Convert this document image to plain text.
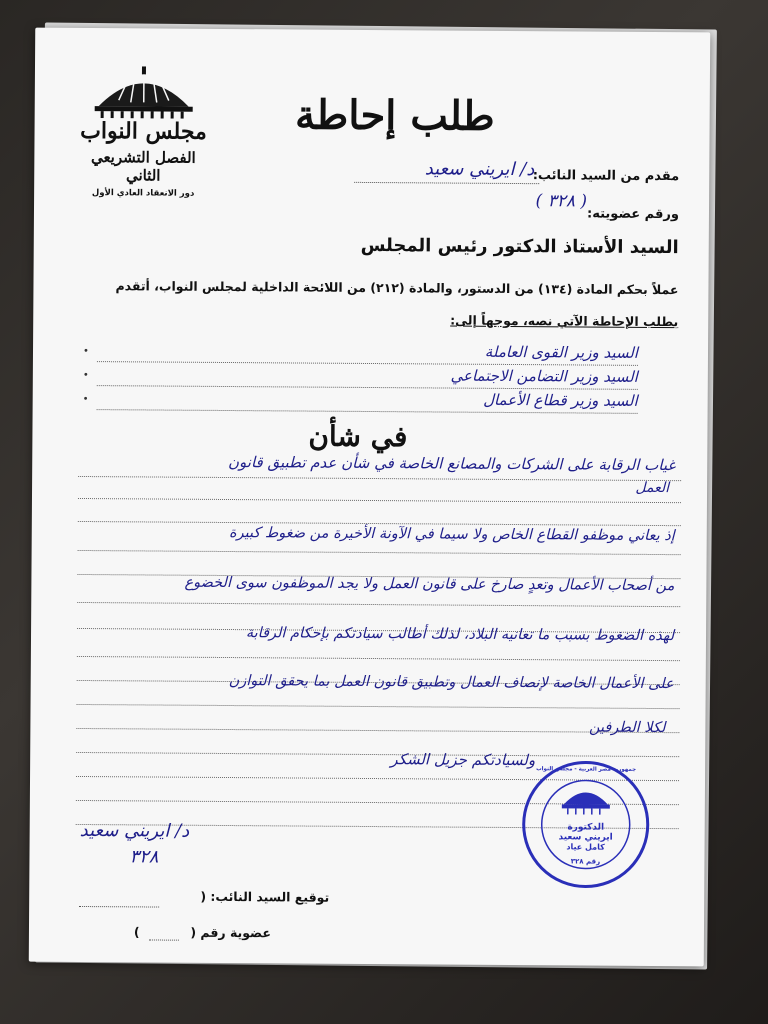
مجلس النواب
الفصل التشريعي الثاني
دور الانعقاد العادي الأول
طلب إحاطة
مقدم من السيد النائب:
د/ ايريني سعيد
ورقم عضويته:
( ٣٢٨ )
السيد الأستاذ الدكتور رئيس المجلس
عملاً بحكم المادة (١٣٤) من الدستور، والمادة (٢١٢) من اللائحة الداخلية لمجلس النواب، أتقدم
بطلب الإحاطة الآتي نصه، موجهاً إلى:
•	السيد وزير القوى العاملة
•	السيد وزير التضامن الاجتماعي
•	السيد وزير قطاع الأعمال
في شأن
غياب الرقابة على الشركات والمصانع الخاصة في شأن عدم تطبيق قانون
العمل
إذ يعاني موظفو القطاع الخاص ولا سيما في الآونة الأخيرة من ضغوط كبيرة
من أصحاب الأعمال وتعدٍ صارخ على قانون العمل ولا يجد الموظفون سوى الخضوع
لهذه الضغوط بسبب ما تعانيه البلاد، لذلك أطالب سيادتكم بإحكام الرقابة
على الأعمال الخاصة لإنصاف العمال وتطبيق قانون العمل بما يحقق التوازن
لكلا الطرفين
ولسيادتكم جزيل الشكر
د/ ايريني سعيد
٣٢٨
جمهورية مصر العربية - مجلس النواب
الدكتورة
ايريني سعيد
كامل عياد
رقم ٣٢٨
توقيع السيد النائب: (
عضوية رقم (
)
